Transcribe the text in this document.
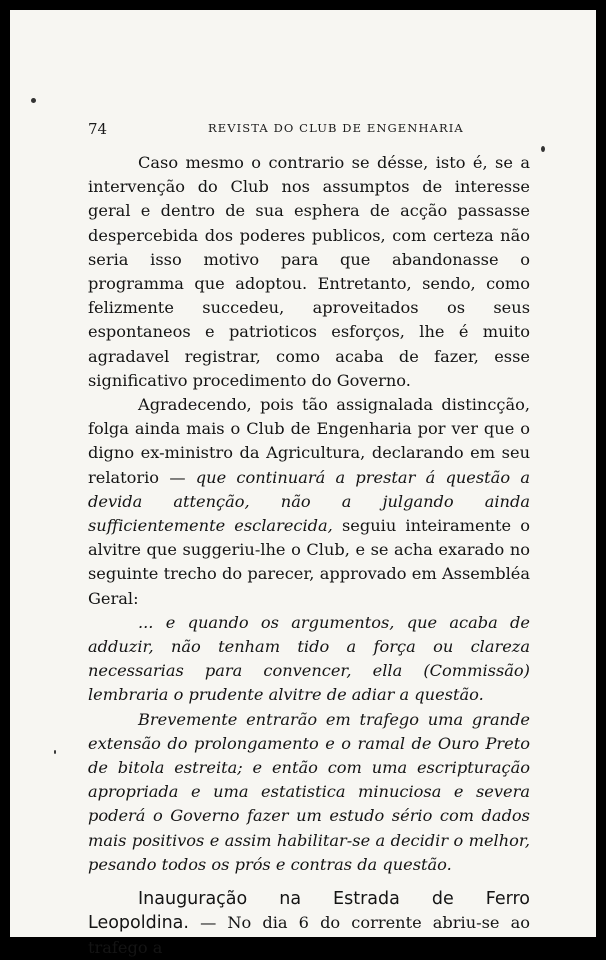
74	REVISTA DO CLUB DE ENGENHARIA

Caso mesmo o contrario se désse, isto é, se a intervenção do Club nos assumptos de interesse geral e dentro de sua esphera de acção passasse despercebida dos poderes publicos, com certeza não seria isso motivo para que abandonasse o programma que adoptou. Entretanto, sendo, como felizmente succedeu, aproveitados os seus espontaneos e patrioticos esforços, lhe é muito agradavel registrar, como acaba de fazer, esse significativo procedimento do Governo.

Agradecendo, pois tão assignalada distincção, folga ainda mais o Club de Engenharia por ver que o digno ex-ministro da Agricultura, declarando em seu relatorio — que continuará a prestar á questão a devida attenção, não a julgando ainda sufficientemente esclarecida, seguiu inteiramente o alvitre que suggeriu-lhe o Club, e se acha exarado no seguinte trecho do parecer, approvado em Assembléa Geral:

... e quando os argumentos, que acaba de adduzir, não tenham tido a força ou clareza necessarias para convencer, ella (Commissão) lembraria o prudente alvitre de adiar a questão.

Brevemente entrarão em trafego uma grande extensão do prolongamento e o ramal de Ouro Preto de bitola estreita; e então com uma escripturação apropriada e uma estatistica minuciosa e severa poderá o Governo fazer um estudo sério com dados mais positivos e assim habilitar-se a decidir o melhor, pesando todos os prós e contras da questão.

Inauguração na Estrada de Ferro Leopoldina. — No dia 6 do corrente abriu-se ao trafego a
